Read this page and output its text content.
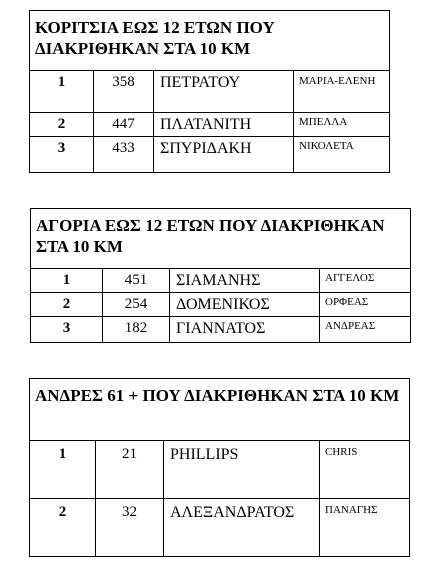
ΚΟΡΙΤΣΙΑ ΕΩΣ 12 ΕΤΩΝ ΠΟΥ ΔΙΑΚΡΙΘΗΚΑΝ ΣΤΑ 10 ΚΜ			
1	358	ΠΕΤΡΑΤΟΥ	ΜΑΡΙΑ-ΕΛΕΝΗ
2	447	ΠΛΑΤΑΝΙΤΗ	ΜΠΕΛΛΑ
3	433	ΣΠΥΡΙΔΑΚΗ	ΝΙΚΟΛΕΤΑ
ΑΓΟΡΙΑ ΕΩΣ 12 ΕΤΩΝ ΠΟΥ ΔΙΑΚΡΙΘΗΚΑΝ ΣΤΑ 10 ΚΜ			
1	451	ΣΙΑΜΑΝΗΣ	ΑΓΓΕΛΟΣ
2	254	ΔΟΜΕΝΙΚΟΣ	ΟΡΦΕΑΣ
3	182	ΓΙΑΝΝΑΤΟΣ	ΑΝΔΡΕΑΣ
ΑΝΔΡΕΣ 61 + ΠΟΥ ΔΙΑΚΡΙΘΗΚΑΝ ΣΤΑ 10 ΚΜ			
1	21	PHILLIPS	CHRIS
2	32	ΑΛΕΞΑΝΔΡΑΤΟΣ	ΠΑΝΑΓΗΣ
